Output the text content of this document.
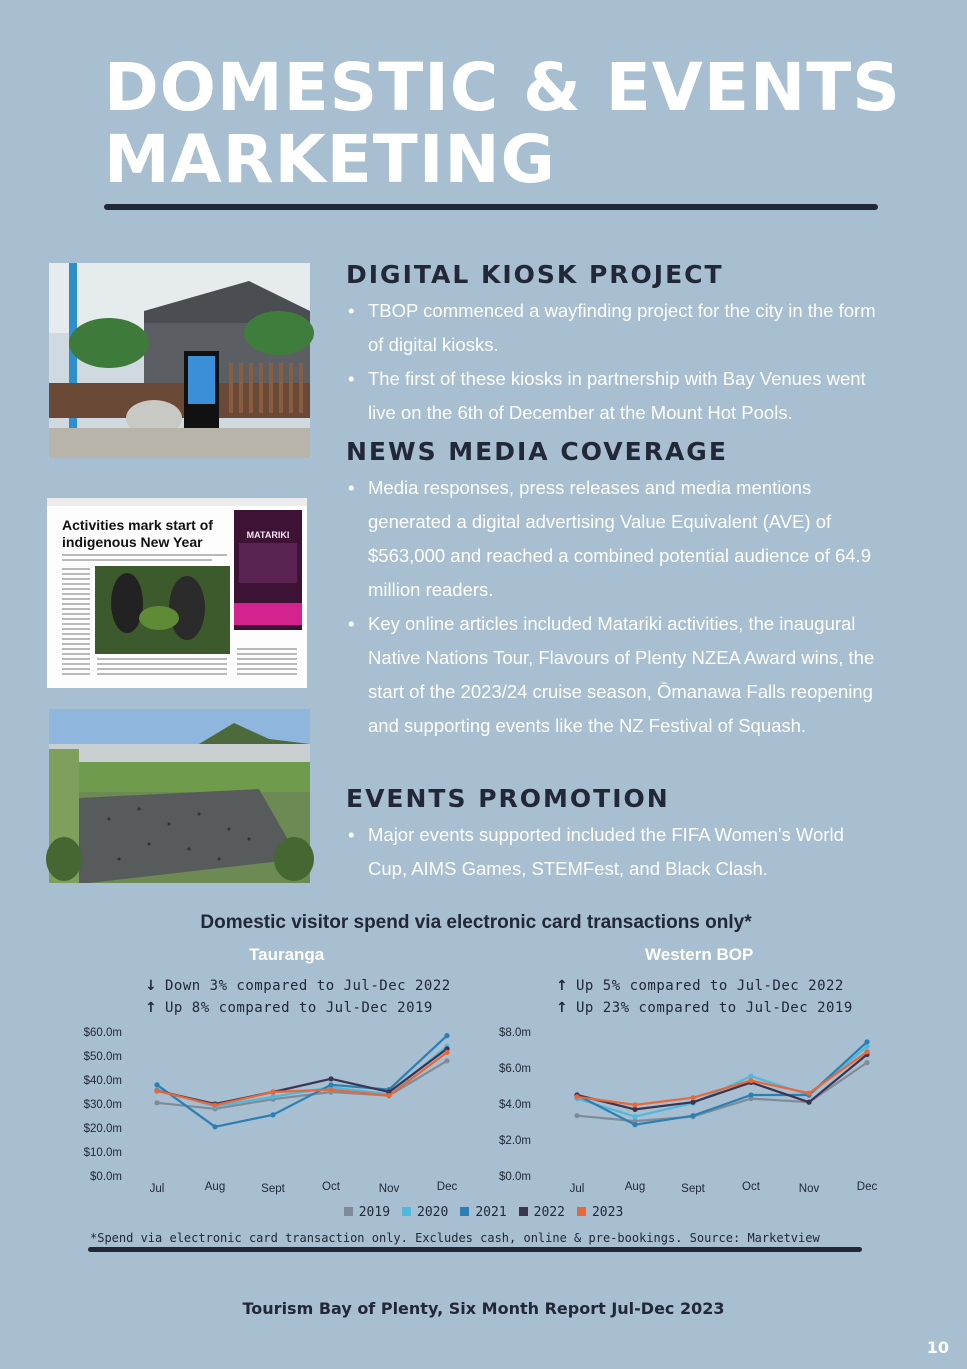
DOMESTIC & EVENTS
MARKETING
Activities mark start of
indigenous New Year	MATARIKI
DIGITAL KIOSK PROJECT
• TBOP commenced a wayfinding project for the city in the form of digital kiosks.
• The first of these kiosks in partnership with Bay Venues went live on the 6th of December at the Mount Hot Pools.
NEWS MEDIA COVERAGE
• Media responses, press releases and media mentions generated a digital advertising Value Equivalent (AVE) of $563,000 and reached a combined potential audience of 64.9 million readers.
• Key online articles included Matariki activities, the inaugural Native Nations Tour, Flavours of Plenty NZEA Award wins, the start of the 2023/24 cruise season, Ōmanawa Falls reopening and supporting events like the NZ Festival of Squash.
EVENTS PROMOTION
• Major events supported included the FIFA Women's World Cup, AIMS Games, STEMFest, and Black Clash.
Domestic visitor spend via electronic card transactions only*
Tauranga	Western BOP
↓ Down 3% compared to Jul-Dec 2022
↑ Up 8% compared to Jul-Dec 2019
↑ Up 5% compared to Jul-Dec 2022
↑ Up 23% compared to Jul-Dec 2019
$0.0m
$10.0m
$20.0m
$30.0m
$40.0m
$50.0m
$60.0m
Jul	Aug	Sept	Oct	Nov	Dec
$0.0m
$2.0m
$4.0m
$6.0m
$8.0m
Jul	Aug	Sept	Oct	Nov	Dec
2019 2020 2021 2022 2023
*Spend via electronic card transaction only. Excludes cash, online & pre-bookings. Source: Marketview
Tourism Bay of Plenty, Six Month Report Jul-Dec 2023
10
